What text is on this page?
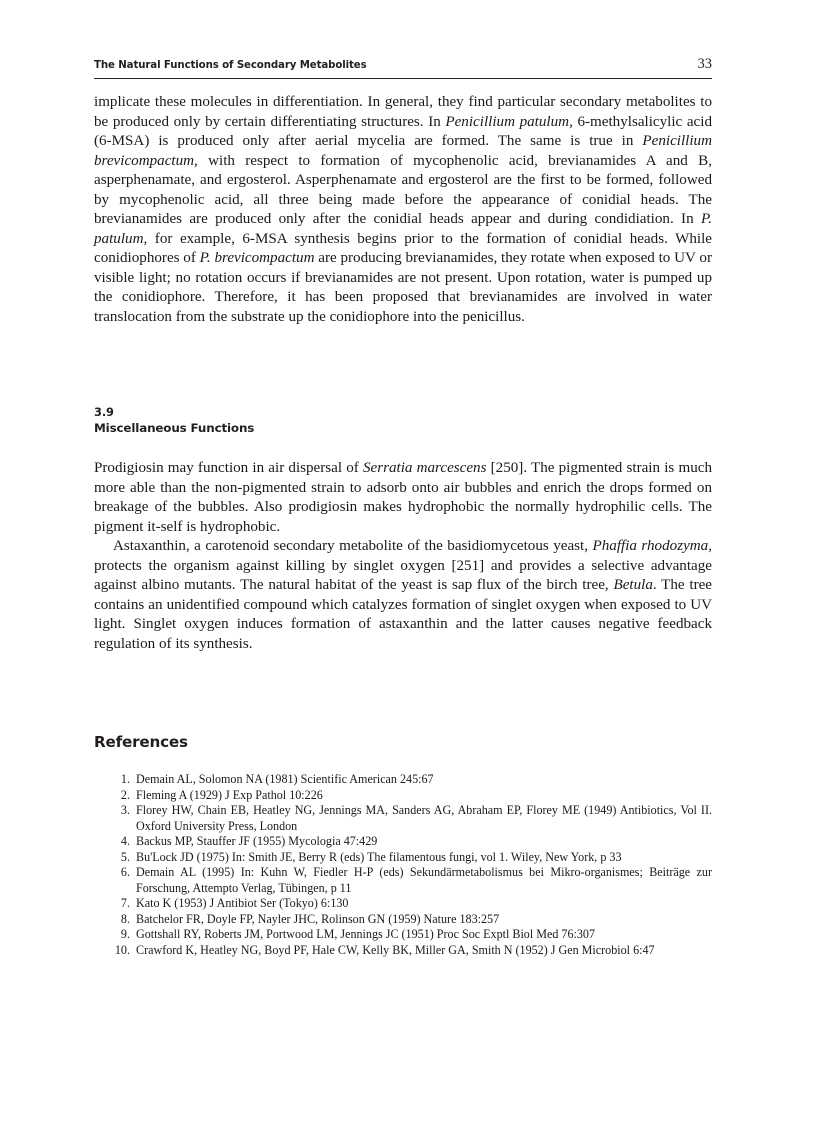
The Natural Functions of Secondary Metabolites	33

implicate these molecules in differentiation. In general, they find particular secondary metabolites to be produced only by certain differentiating structures. In Penicillium patulum, 6-methylsalicylic acid (6-MSA) is produced only after aerial mycelia are formed. The same is true in Penicillium brevicompactum, with respect to formation of mycophenolic acid, brevianamides A and B, asperphenamate, and ergosterol. Asperphenamate and ergosterol are the first to be formed, followed by mycophenolic acid, all three being made before the appearance of conidial heads. The brevianamides are produced only after the conidial heads appear and during condidiation. In P. patulum, for example, 6-MSA synthesis begins prior to the formation of conidial heads. While conidiophores of P. brevicompactum are producing brevianamides, they rotate when exposed to UV or visible light; no rotation occurs if brevianamides are not present. Upon rotation, water is pumped up the conidiophore. Therefore, it has been proposed that brevianamides are involved in water translocation from the substrate up the conidiophore into the penicillus.

3.9
Miscellaneous Functions

Prodigiosin may function in air dispersal of Serratia marcescens [250]. The pigmented strain is much more able than the non-pigmented strain to adsorb onto air bubbles and enrich the drops formed on breakage of the bubbles. Also prodigiosin makes hydrophobic the normally hydrophilic cells. The pigment it-self is hydrophobic.

Astaxanthin, a carotenoid secondary metabolite of the basidiomycetous yeast, Phaffia rhodozyma, protects the organism against killing by singlet oxygen [251] and provides a selective advantage against albino mutants. The natural habitat of the yeast is sap flux of the birch tree, Betula. The tree contains an unidentified compound which catalyzes formation of singlet oxygen when exposed to UV light. Singlet oxygen induces formation of astaxanthin and the latter causes negative feedback regulation of its synthesis.

References
1. Demain AL, Solomon NA (1981) Scientific American 245:67
2. Fleming A (1929) J Exp Pathol 10:226
3. Florey HW, Chain EB, Heatley NG, Jennings MA, Sanders AG, Abraham EP, Florey ME (1949) Antibiotics, Vol II. Oxford University Press, London
4. Backus MP, Stauffer JF (1955) Mycologia 47:429
5. Bu'Lock JD (1975) In: Smith JE, Berry R (eds) The filamentous fungi, vol 1. Wiley, New York, p 33
6. Demain AL (1995) In: Kuhn W, Fiedler H-P (eds) Sekundärmetabolismus bei Mikro-organismes; Beiträge zur Forschung, Attempto Verlag, Tübingen, p 11
7. Kato K (1953) J Antibiot Ser (Tokyo) 6:130
8. Batchelor FR, Doyle FP, Nayler JHC, Rolinson GN (1959) Nature 183:257
9. Gottshall RY, Roberts JM, Portwood LM, Jennings JC (1951) Proc Soc Exptl Biol Med 76:307
10. Crawford K, Heatley NG, Boyd PF, Hale CW, Kelly BK, Miller GA, Smith N (1952) J Gen Microbiol 6:47
